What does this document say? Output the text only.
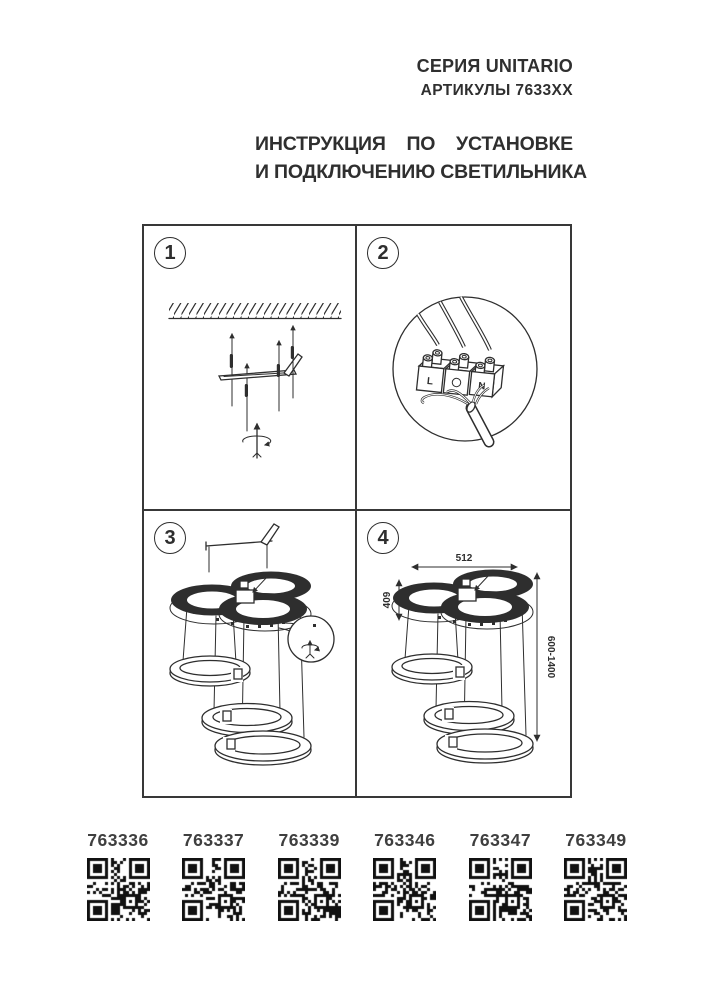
СЕРИЯ UNITARIO
АРТИКУЛЫ 7633ХХ
ИНСТРУКЦИЯ ПО УСТАНОВКЕ
И ПОДКЛЮЧЕНИЮ СВЕТИЛЬНИКА
1	2
L	N
3	4
512
409
600-1400
763336 763337 763339 763346 763347 763349
